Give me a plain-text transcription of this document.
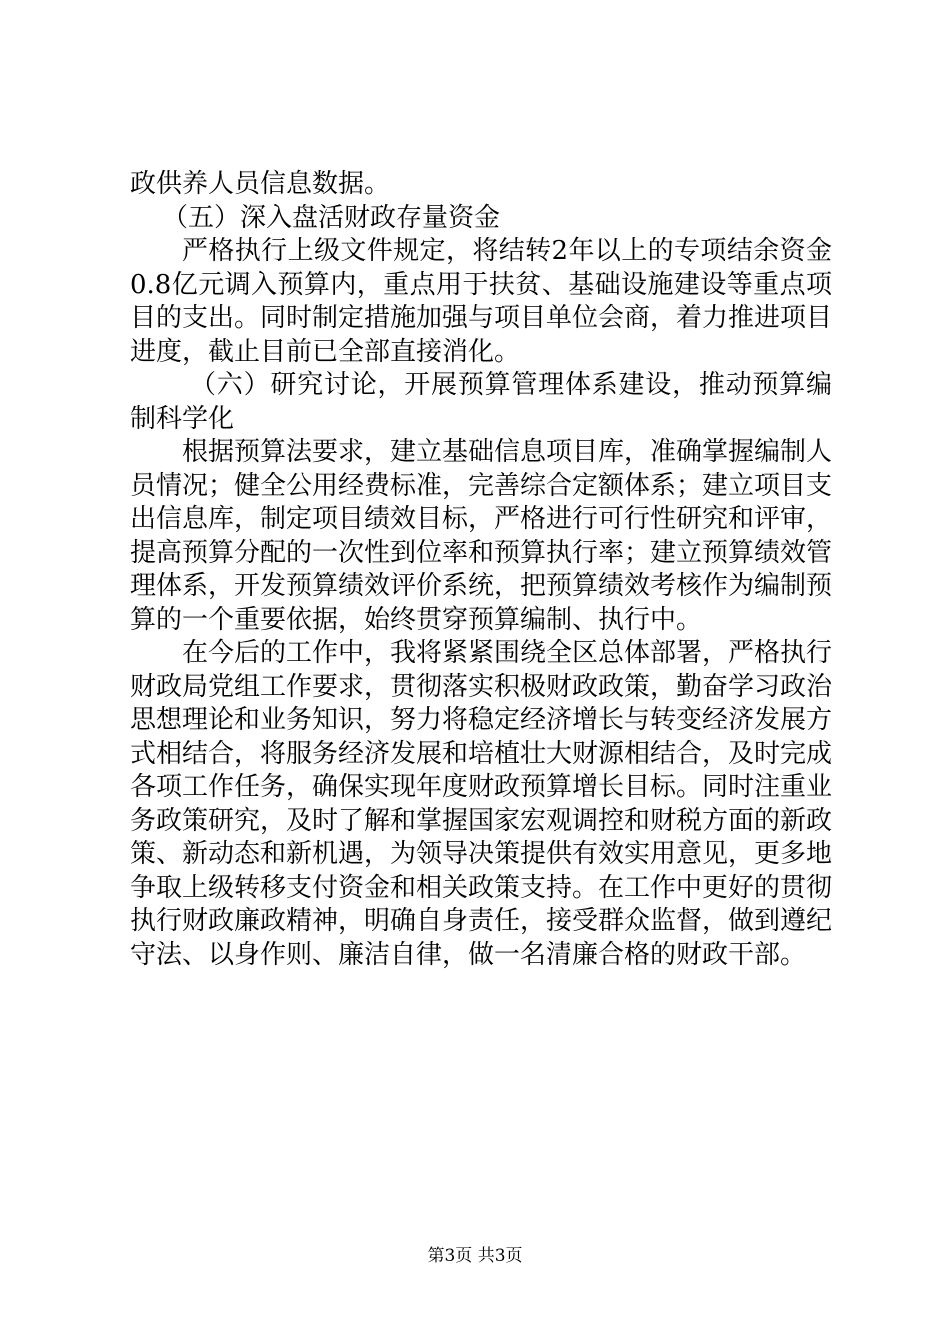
政供养人员信息数据。

（五）深入盘活财政存量资金

严格执行上级文件规定，将结转2年以上的专项结余资金0.8亿元调入预算内，重点用于扶贫、基础设施建设等重点项目的支出。同时制定措施加强与项目单位会商，着力推进项目进度，截止目前已全部直接消化。

（六）研究讨论，开展预算管理体系建设，推动预算编制科学化

根据预算法要求，建立基础信息项目库，准确掌握编制人员情况；健全公用经费标准，完善综合定额体系；建立项目支出信息库，制定项目绩效目标，严格进行可行性研究和评审，提高预算分配的一次性到位率和预算执行率；建立预算绩效管理体系，开发预算绩效评价系统，把预算绩效考核作为编制预算的一个重要依据，始终贯穿预算编制、执行中。

在今后的工作中，我将紧紧围绕全区总体部署，严格执行财政局党组工作要求，贯彻落实积极财政政策，勤奋学习政治思想理论和业务知识，努力将稳定经济增长与转变经济发展方式相结合，将服务经济发展和培植壮大财源相结合，及时完成各项工作任务，确保实现年度财政预算增长目标。同时注重业务政策研究，及时了解和掌握国家宏观调控和财税方面的新政策、新动态和新机遇，为领导决策提供有效实用意见，更多地争取上级转移支付资金和相关政策支持。在工作中更好的贯彻执行财政廉政精神，明确自身责任，接受群众监督，做到遵纪守法、以身作则、廉洁自律，做一名清廉合格的财政干部。

第3页 共3页
